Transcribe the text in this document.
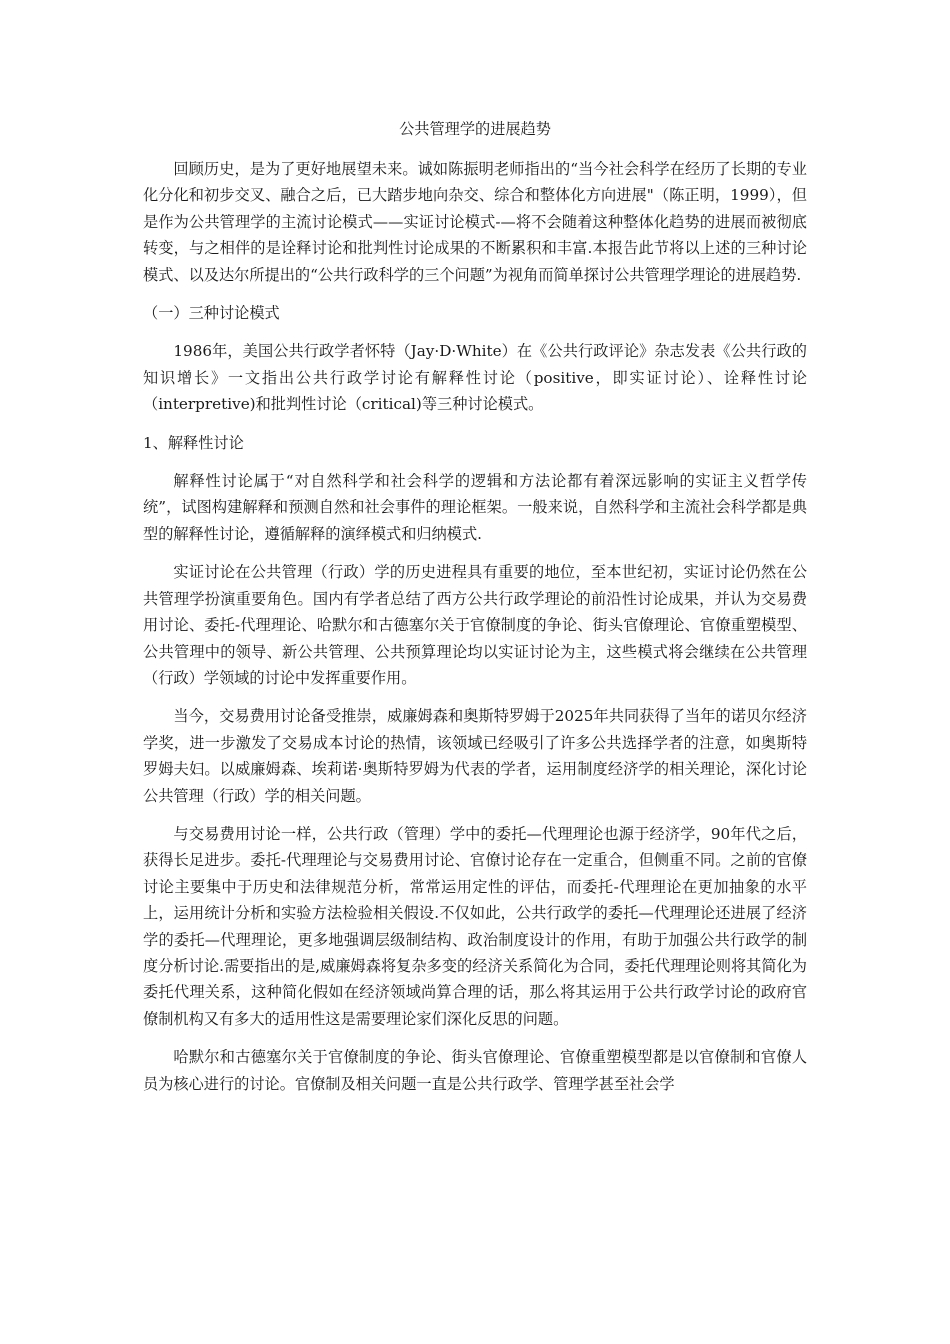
公共管理学的进展趋势

回顾历史，是为了更好地展望未来。诚如陈振明老师指出的“当今社会科学在经历了长期的专业化分化和初步交叉、融合之后，已大踏步地向杂交、综合和整体化方向进展"（陈正明，1999），但是作为公共管理学的主流讨论模式——实证讨论模式-—将不会随着这种整体化趋势的进展而被彻底转变，与之相伴的是诠释讨论和批判性讨论成果的不断累积和丰富.本报告此节将以上述的三种讨论模式、以及达尔所提出的“公共行政科学的三个问题”为视角而简单探讨公共管理学理论的进展趋势.

（一）三种讨论模式

1986年，美国公共行政学者怀特（Jay·D·White）在《公共行政评论》杂志发表《公共行政的知识增长》一文指出公共行政学讨论有解释性讨论（positive，即实证讨论）、诠释性讨论（interpretive)和批判性讨论（critical)等三种讨论模式。

1、解释性讨论

解释性讨论属于“对自然科学和社会科学的逻辑和方法论都有着深远影响的实证主义哲学传统”，试图构建解释和预测自然和社会事件的理论框架。一般来说，自然科学和主流社会科学都是典型的解释性讨论，遵循解释的演绎模式和归纳模式.

实证讨论在公共管理（行政）学的历史进程具有重要的地位，至本世纪初，实证讨论仍然在公共管理学扮演重要角色。国内有学者总结了西方公共行政学理论的前沿性讨论成果，并认为交易费用讨论、委托-代理理论、哈默尔和古德塞尔关于官僚制度的争论、街头官僚理论、官僚重塑模型、公共管理中的领导、新公共管理、公共预算理论均以实证讨论为主，这些模式将会继续在公共管理（行政）学领域的讨论中发挥重要作用。

当今，交易费用讨论备受推崇，威廉姆森和奥斯特罗姆于2025年共同获得了当年的诺贝尔经济学奖，进一步激发了交易成本讨论的热情，该领域已经吸引了许多公共选择学者的注意，如奥斯特罗姆夫妇。以威廉姆森、埃莉诺·奥斯特罗姆为代表的学者，运用制度经济学的相关理论，深化讨论公共管理（行政）学的相关问题。

与交易费用讨论一样，公共行政（管理）学中的委托—代理理论也源于经济学，90年代之后，获得长足进步。委托-代理理论与交易费用讨论、官僚讨论存在一定重合，但侧重不同。之前的官僚讨论主要集中于历史和法律规范分析，常常运用定性的评估，而委托-代理理论在更加抽象的水平上，运用统计分析和实验方法检验相关假设.不仅如此，公共行政学的委托—代理理论还进展了经济学的委托—代理理论，更多地强调层级制结构、政治制度设计的作用，有助于加强公共行政学的制度分析讨论.需要指出的是,威廉姆森将复杂多变的经济关系简化为合同，委托代理理论则将其简化为委托代理关系，这种简化假如在经济领域尚算合理的话，那么将其运用于公共行政学讨论的政府官僚制机构又有多大的适用性这是需要理论家们深化反思的问题。

哈默尔和古德塞尔关于官僚制度的争论、街头官僚理论、官僚重塑模型都是以官僚制和官僚人员为核心进行的讨论。官僚制及相关问题一直是公共行政学、管理学甚至社会学
